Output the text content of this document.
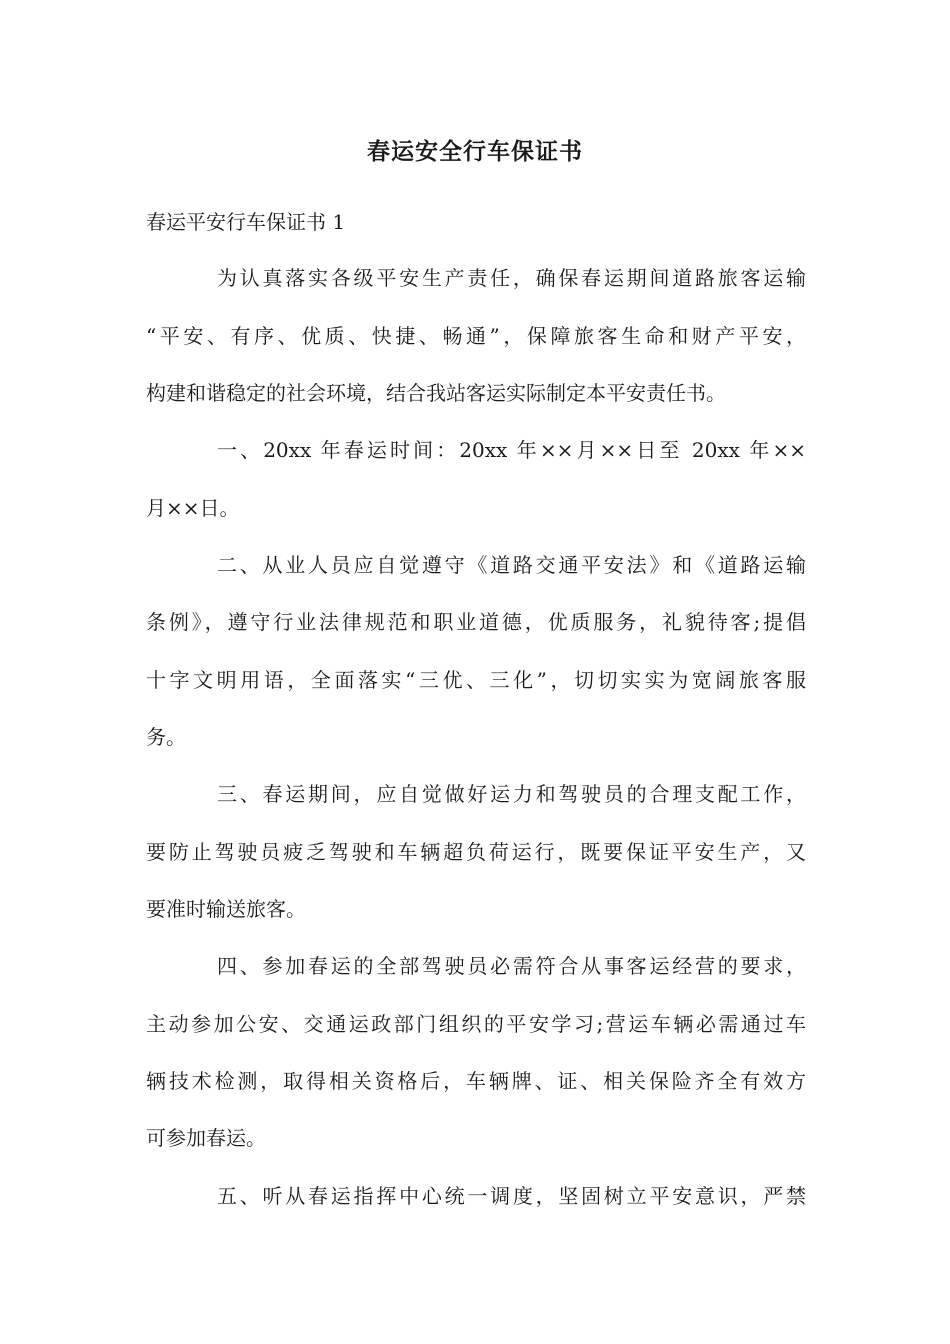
春运安全行车保证书
春运平安行车保证书 1
为认真落实各级平安生产责任，确保春运期间道路旅客运输
“平安、有序、优质、快捷、畅通”，保障旅客生命和财产平安，
构建和谐稳定的社会环境，结合我站客运实际制定本平安责任书。
一、20xx 年春运时间：20xx 年××月××日至 20xx 年××
月××日。
二、从业人员应自觉遵守《道路交通平安法》和《道路运输
条例》，遵守行业法律规范和职业道德，优质服务，礼貌待客;提倡
十字文明用语，全面落实“三优、三化”，切切实实为宽阔旅客服
务。
三、春运期间，应自觉做好运力和驾驶员的合理支配工作，
要防止驾驶员疲乏驾驶和车辆超负荷运行，既要保证平安生产，又
要准时输送旅客。
四、参加春运的全部驾驶员必需符合从事客运经营的要求，
主动参加公安、交通运政部门组织的平安学习;营运车辆必需通过车
辆技术检测，取得相关资格后，车辆牌、证、相关保险齐全有效方
可参加春运。
五、听从春运指挥中心统一调度，坚固树立平安意识，严禁
